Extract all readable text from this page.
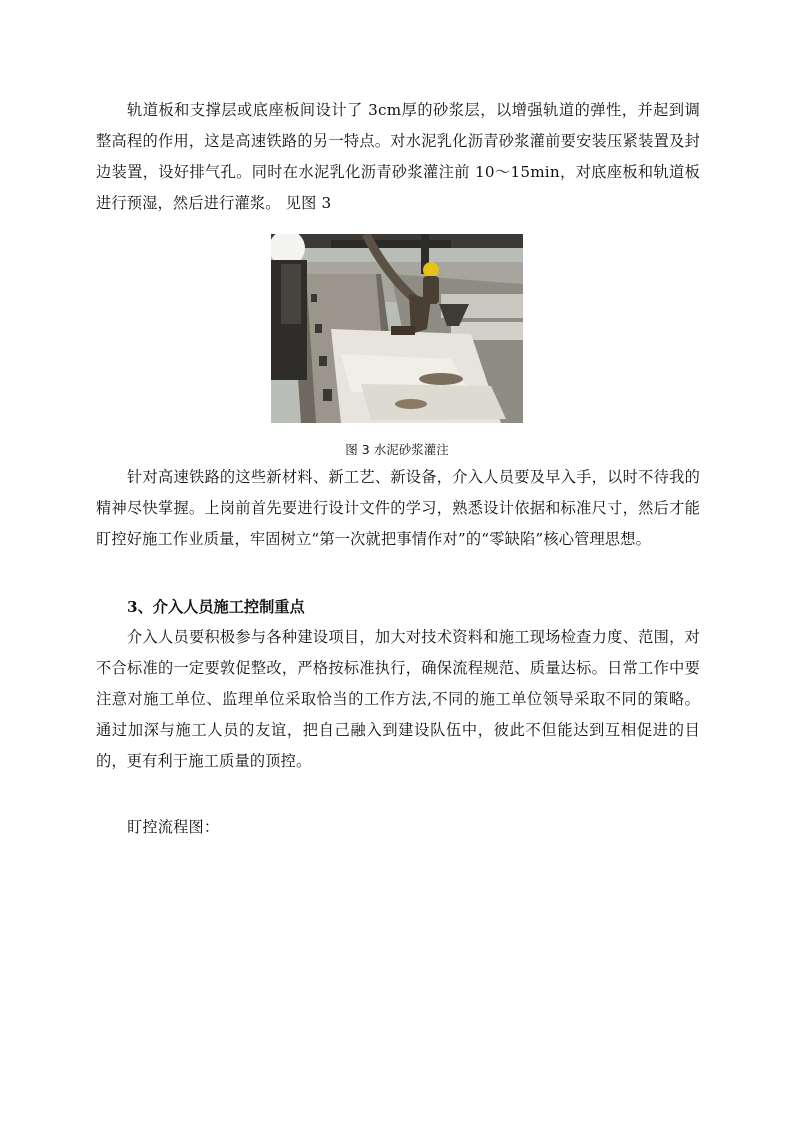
轨道板和支撑层或底座板间设计了 3cm厚的砂浆层，以增强轨道的弹性，并起到调整高程的作用，这是高速铁路的另一特点。对水泥乳化沥青砂浆灌前要安装压紧装置及封边装置，设好排气孔。同时在水泥乳化沥青砂浆灌注前 10～15min，对底座板和轨道板进行预湿，然后进行灌浆。 见图 3

图 3 水泥砂浆灌注

针对高速铁路的这些新材料、新工艺、新设备，介入人员要及早入手，以时不待我的精神尽快掌握。上岗前首先要进行设计文件的学习，熟悉设计依据和标准尺寸，然后才能盯控好施工作业质量，牢固树立“第一次就把事情作对”的“零缺陷”核心管理思想。

3、介入人员施工控制重点

介入人员要积极参与各种建设项目，加大对技术资料和施工现场检查力度、范围，对不合标准的一定要敦促整改，严格按标准执行，确保流程规范、质量达标。日常工作中要注意对施工单位、监理单位采取恰当的工作方法,不同的施工单位领导采取不同的策略。通过加深与施工人员的友谊，把自己融入到建设队伍中，彼此不但能达到互相促进的目的，更有利于施工质量的顶控。

盯控流程图：
